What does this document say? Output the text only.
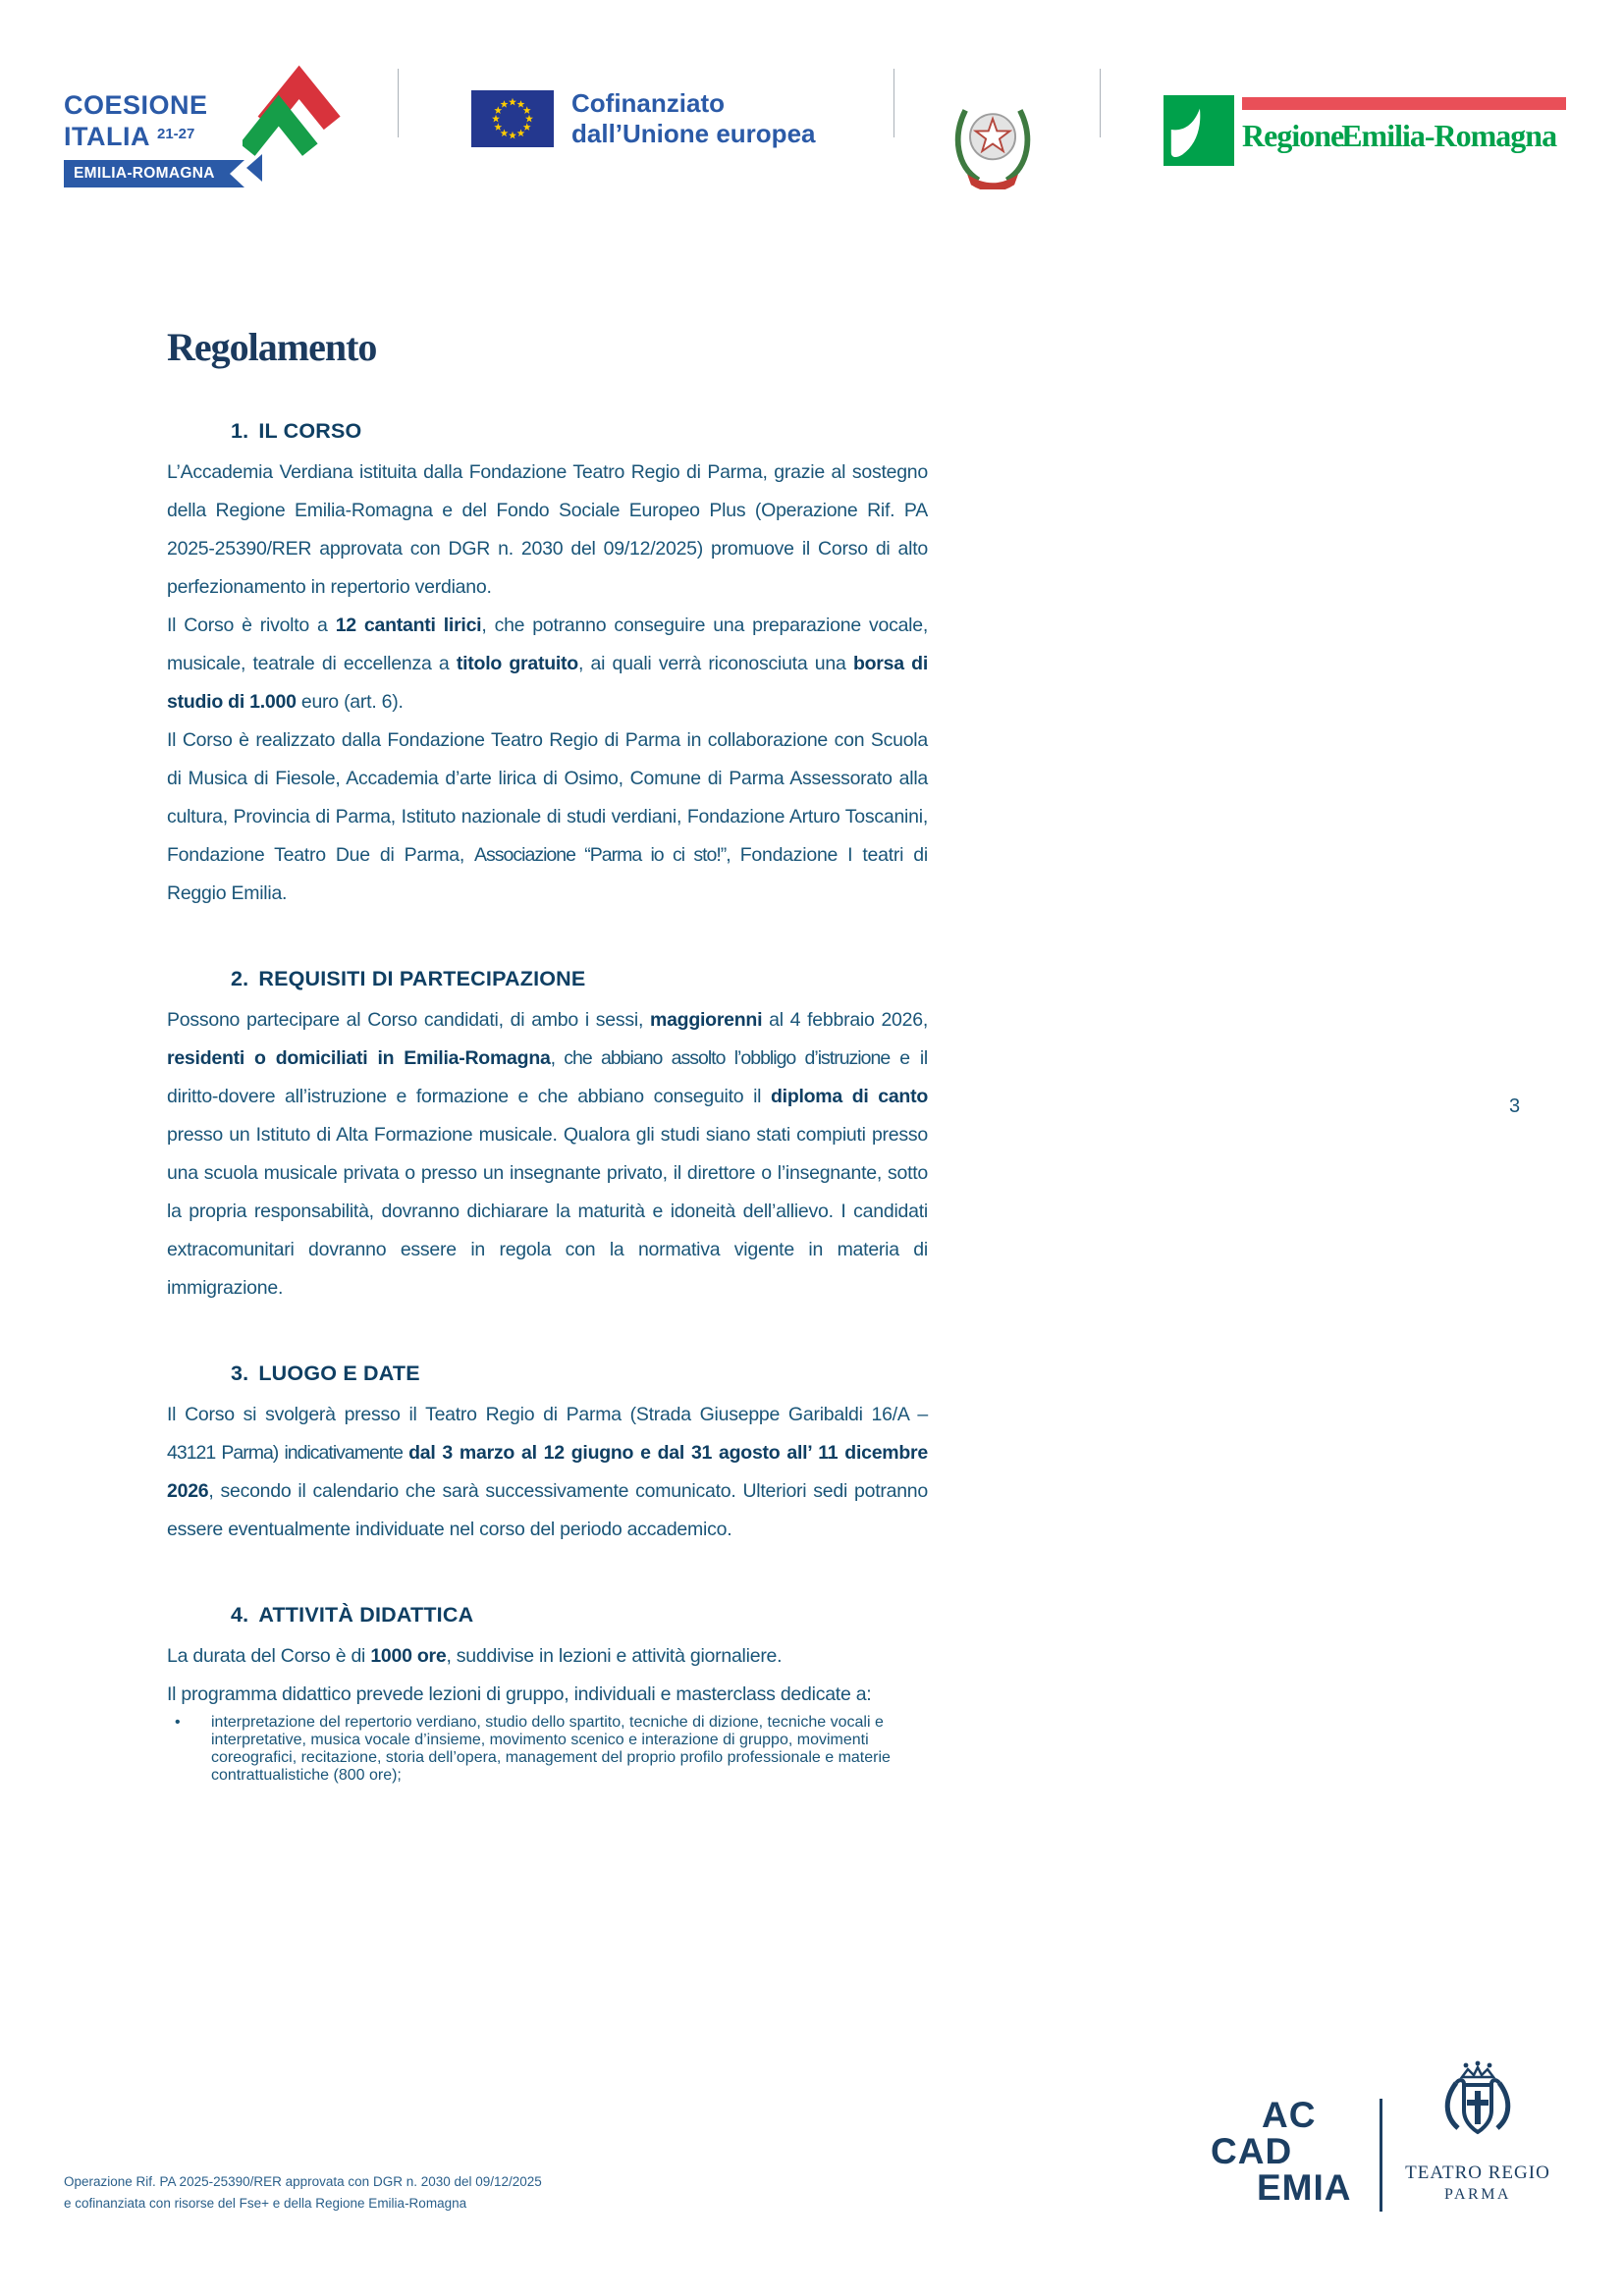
COESIONE
ITALIA $^{21-27}$
EMILIA-ROMAGNA
Cofinanziato
dall’Unione europea	Regione Emilia-Romagna
Regolamento
1. IL CORSO

L’Accademia Verdiana istituita dalla Fondazione Teatro Regio di Parma, grazie al sostegno della Regione Emilia-Romagna e del Fondo Sociale Europeo Plus (Operazione Rif. PA 2025-25390/RER approvata con DGR n. 2030 del 09/12/2025) promuove il Corso di alto perfezionamento in repertorio verdiano.

Il Corso è rivolto a 12 cantanti lirici, che potranno conseguire una preparazione vocale, musicale, teatrale di eccellenza a titolo gratuito, ai quali verrà riconosciuta una borsa di studio di 1.000 euro (art. 6).

Il Corso è realizzato dalla Fondazione Teatro Regio di Parma in collaborazione con Scuola di Musica di Fiesole, Accademia d’arte lirica di Osimo, Comune di Parma Assessorato alla cultura, Provincia di Parma, Istituto nazionale di studi verdiani, Fondazione Arturo Toscanini, Fondazione Teatro Due di Parma, Associazione “Parma io ci sto!”, Fondazione I teatri di Reggio Emilia.

2. REQUISITI DI PARTECIPAZIONE

Possono partecipare al Corso candidati, di ambo i sessi, maggiorenni al 4 febbraio 2026, residenti o domiciliati in Emilia-Romagna, che abbiano assolto l’obbligo d’istruzione e il diritto-dovere all’istruzione e formazione e che abbiano conseguito il diploma di canto presso un Istituto di Alta Formazione musicale. Qualora gli studi siano stati compiuti presso una scuola musicale privata o presso un insegnante privato, il direttore o l’insegnante, sotto la propria responsabilità, dovranno dichiarare la maturità e idoneità dell’allievo. I candidati extracomunitari dovranno essere in regola con la normativa vigente in materia di immigrazione.

3. LUOGO E DATE

Il Corso si svolgerà presso il Teatro Regio di Parma (Strada Giuseppe Garibaldi 16/A – 43121 Parma) indicativamente dal 3 marzo al 12 giugno e dal 31 agosto all’ 11 dicembre 2026, secondo il calendario che sarà successivamente comunicato. Ulteriori sedi potranno essere eventualmente individuate nel corso del periodo accademico.

4. ATTIVITÀ DIDATTICA

La durata del Corso è di 1000 ore, suddivise in lezioni e attività giornaliere.

Il programma didattico prevede lezioni di gruppo, individuali e masterclass dedicate a:

• interpretazione del repertorio verdiano, studio dello spartito, tecniche di dizione, tecniche vocali e interpretative, musica vocale d’insieme, movimento scenico e interazione di gruppo, movimenti coreografici, recitazione, storia dell’opera, management del proprio profilo professionale e materie contrattualistiche (800 ore);
3
Operazione Rif. PA 2025-25390/RER approvata con DGR n. 2030 del 09/12/2025
e cofinanziata con risorse del Fse+ e della Regione Emilia-Romagna
AC
CAD
EMIA	TEATRO REGIO
PARMA
